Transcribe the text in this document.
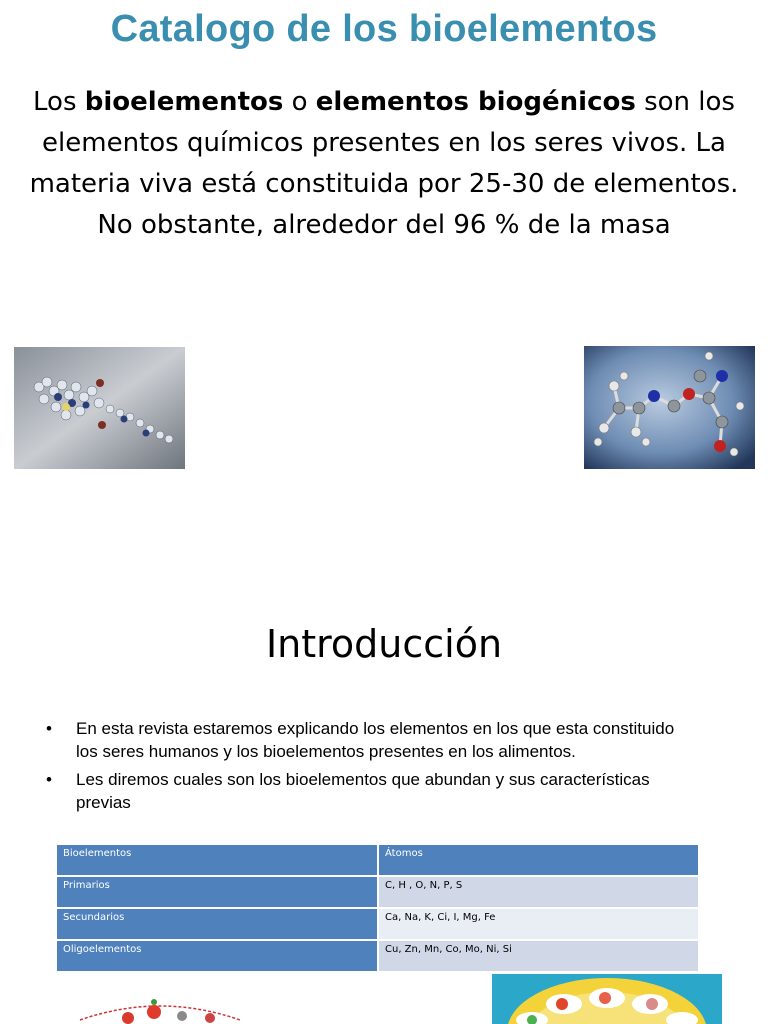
Catalogo de los bioelementos
Los bioelementos o elementos biogénicos son los elementos químicos presentes en los seres vivos. La materia viva está constituida por 25-30 de elementos. No obstante, alrededor del 96 % de la masa
Introducción
• En esta revista estaremos explicando los elementos en los que esta constituido los seres humanos y los bioelementos presentes en los alimentos.
• Les diremos cuales son los bioelementos que abundan y sus características previas
Bioelementos	Átomos
Primarios	C, H , O, N, P, S
Secundarios	Ca, Na, K, Ci, I, Mg, Fe
Oligoelementos	Cu, Zn, Mn, Co, Mo, Ni, Si
